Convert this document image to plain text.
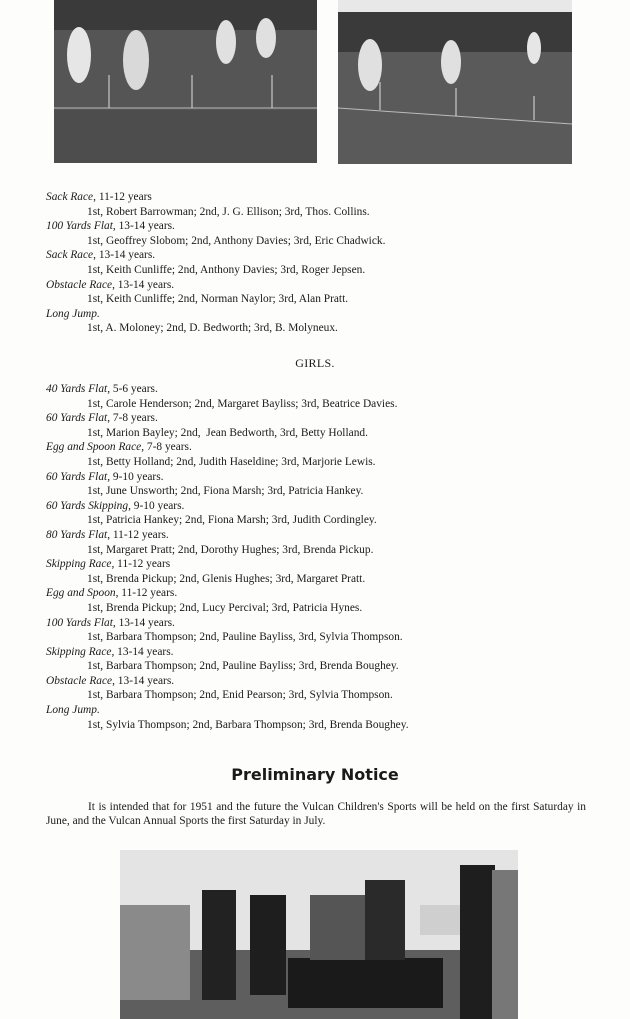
Sack Race, 11-12 years
1st, Robert Barrowman; 2nd, J. G. Ellison; 3rd, Thos. Collins.
100 Yards Flat, 13-14 years.
1st, Geoffrey Slobom; 2nd, Anthony Davies; 3rd, Eric Chadwick.
Sack Race, 13-14 years.
1st, Keith Cunliffe; 2nd, Anthony Davies; 3rd, Roger Jepsen.
Obstacle Race, 13-14 years.
1st, Keith Cunliffe; 2nd, Norman Naylor; 3rd, Alan Pratt.
Long Jump.
1st, A. Moloney; 2nd, D. Bedworth; 3rd, B. Molyneux.
GIRLS.
40 Yards Flat, 5-6 years.
1st, Carole Henderson; 2nd, Margaret Bayliss; 3rd, Beatrice Davies.
60 Yards Flat, 7-8 years.
1st, Marion Bayley; 2nd,  Jean Bedworth, 3rd, Betty Holland.
Egg and Spoon Race, 7-8 years.
1st, Betty Holland; 2nd, Judith Haseldine; 3rd, Marjorie Lewis.
60 Yards Flat, 9-10 years.
1st, June Unsworth; 2nd, Fiona Marsh; 3rd, Patricia Hankey.
60 Yards Skipping, 9-10 years.
1st, Patricia Hankey; 2nd, Fiona Marsh; 3rd, Judith Cordingley.
80 Yards Flat, 11-12 years.
1st, Margaret Pratt; 2nd, Dorothy Hughes; 3rd, Brenda Pickup.
Skipping Race, 11-12 years
1st, Brenda Pickup; 2nd, Glenis Hughes; 3rd, Margaret Pratt.
Egg and Spoon, 11-12 years.
1st, Brenda Pickup; 2nd, Lucy Percival; 3rd, Patricia Hynes.
100 Yards Flat, 13-14 years.
1st, Barbara Thompson; 2nd, Pauline Bayliss, 3rd, Sylvia Thompson.
Skipping Race, 13-14 years.
1st, Barbara Thompson; 2nd, Pauline Bayliss; 3rd, Brenda Boughey.
Obstacle Race, 13-14 years.
1st, Barbara Thompson; 2nd, Enid Pearson; 3rd, Sylvia Thompson.
Long Jump.
1st, Sylvia Thompson; 2nd, Barbara Thompson; 3rd, Brenda Boughey.
Preliminary Notice
It is intended that for 1951 and the future the Vulcan Children's Sports will be held on the first Saturday in June, and the Vulcan Annual Sports the first Saturday in July.
